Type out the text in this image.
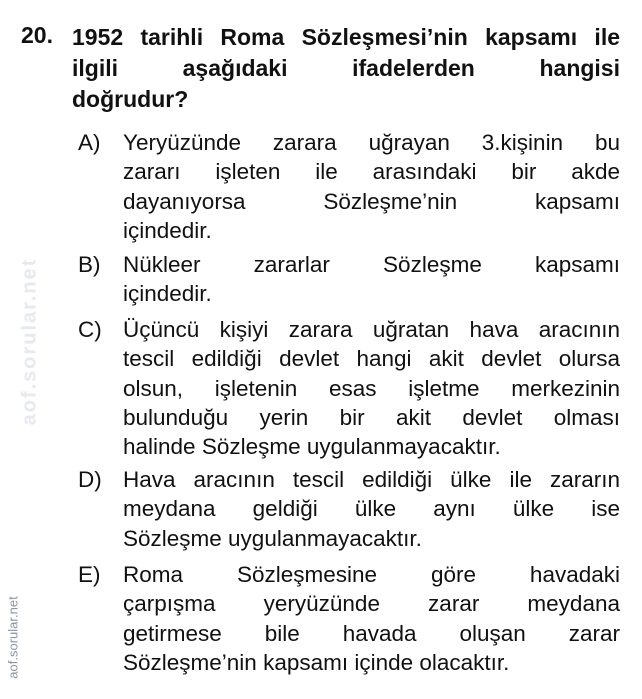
aof.sorular.net
aof.sorular.net
20. 1952 tarihli Roma Sözleşmesi’nin kapsamı ile
ilgili aşağıdaki ifadelerden hangisi
doğrudur?
A) Yeryüzünde zarara uğrayan 3.kişinin bu
zararı işleten ile arasındaki bir akde
dayanıyorsa Sözleşme’nin kapsamı
içindedir.
B) Nükleer zararlar Sözleşme kapsamı
içindedir.
C) Üçüncü kişiyi zarara uğratan hava aracının
tescil edildiği devlet hangi akit devlet olursa
olsun, işletenin esas işletme merkezinin
bulunduğu yerin bir akit devlet olması
halinde Sözleşme uygulanmayacaktır.
D) Hava aracının tescil edildiği ülke ile zararın
meydana geldiği ülke aynı ülke ise
Sözleşme uygulanmayacaktır.
E) Roma Sözleşmesine göre havadaki
çarpışma yeryüzünde zarar meydana
getirmese bile havada oluşan zarar
Sözleşme’nin kapsamı içinde olacaktır.
